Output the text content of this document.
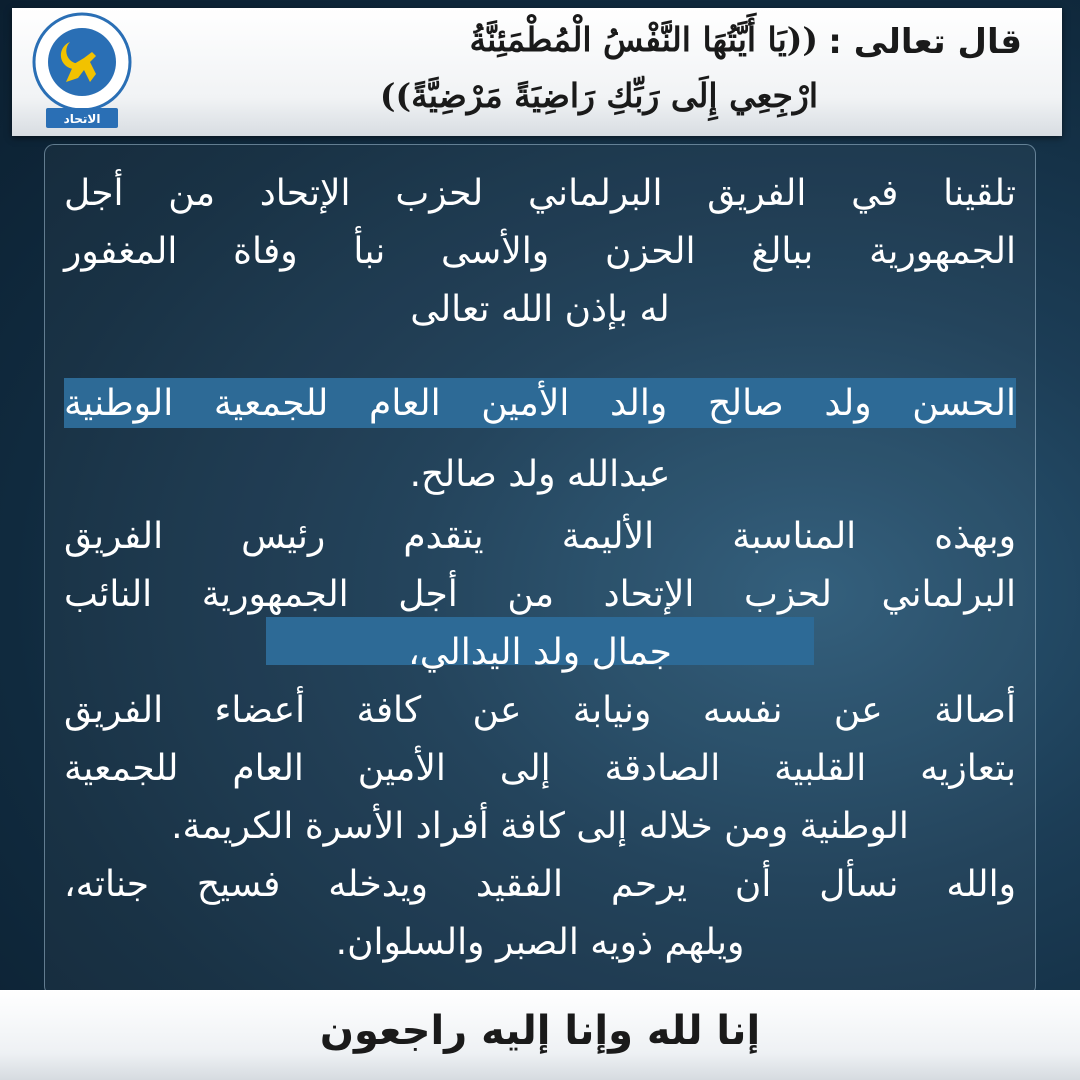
الاتحاد
قال تعالى :
((يَا أَيَّتُهَا النَّفْسُ الْمُطْمَئِنَّةُ
ارْجِعِي إِلَى رَبِّكِ رَاضِيَةً مَرْضِيَّةً))
تلقينا في الفريق البرلماني لحزب الإتحاد من أجل
الجمهورية ببالغ الحزن والأسى نبأ وفاة المغفور
له بإذن الله تعالى
الحسن ولد صالح والد الأمين العام للجمعية الوطنية
عبدالله ولد صالح.
وبهذه المناسبة الأليمة يتقدم رئيس الفريق
البرلماني لحزب الإتحاد من أجل الجمهورية النائب
جمال ولد اليدالي،
أصالة عن نفسه ونيابة عن كافة أعضاء الفريق
بتعازيه القلبية الصادقة إلى الأمين العام للجمعية
الوطنية ومن خلاله إلى كافة أفراد الأسرة الكريمة.
والله نسأل أن يرحم الفقيد ويدخله فسيح جناته،
ويلهم ذويه الصبر والسلوان.
إنا لله وإنا إليه راجعون
